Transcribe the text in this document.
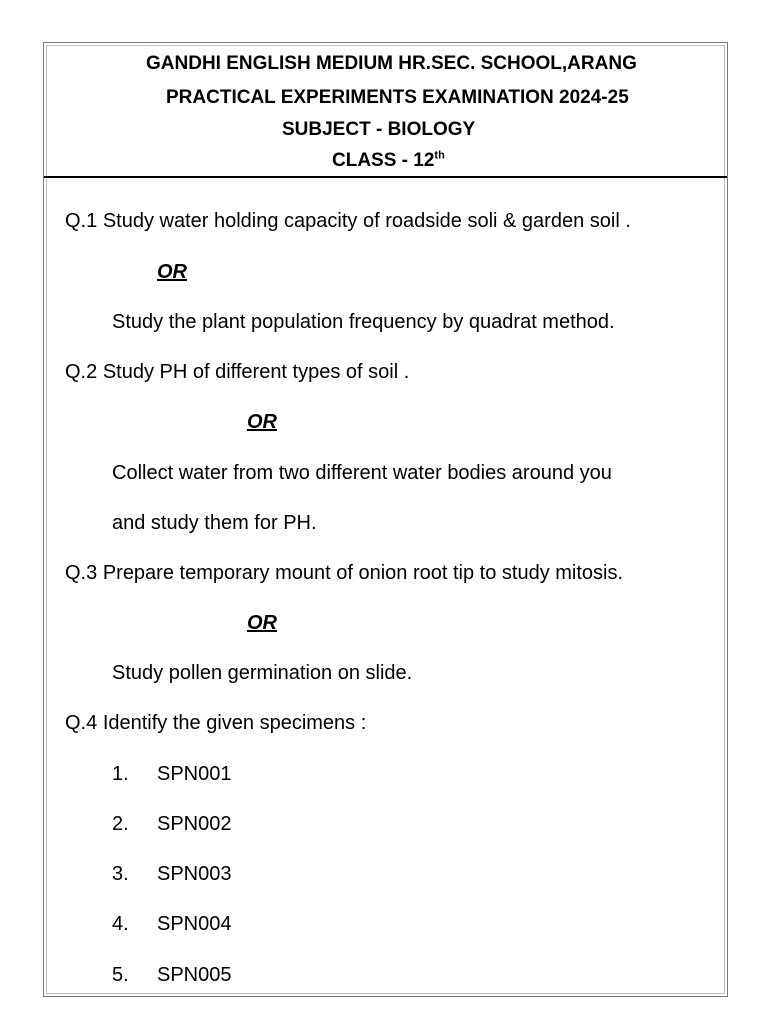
GANDHI ENGLISH MEDIUM HR.SEC. SCHOOL,ARANG
PRACTICAL EXPERIMENTS EXAMINATION 2024-25
SUBJECT - BIOLOGY
CLASS - 12th
Q.1 Study water holding capacity of roadside soli & garden soil .
OR
Study the plant population frequency by quadrat method.
Q.2 Study PH of different types of soil .
OR
Collect water from two different water bodies around you
and study them for PH.
Q.3 Prepare temporary mount of onion root tip to study mitosis.
OR
Study pollen germination on slide.
Q.4 Identify the given specimens :
1. SPN001
2. SPN002
3. SPN003
4. SPN004
5. SPN005
